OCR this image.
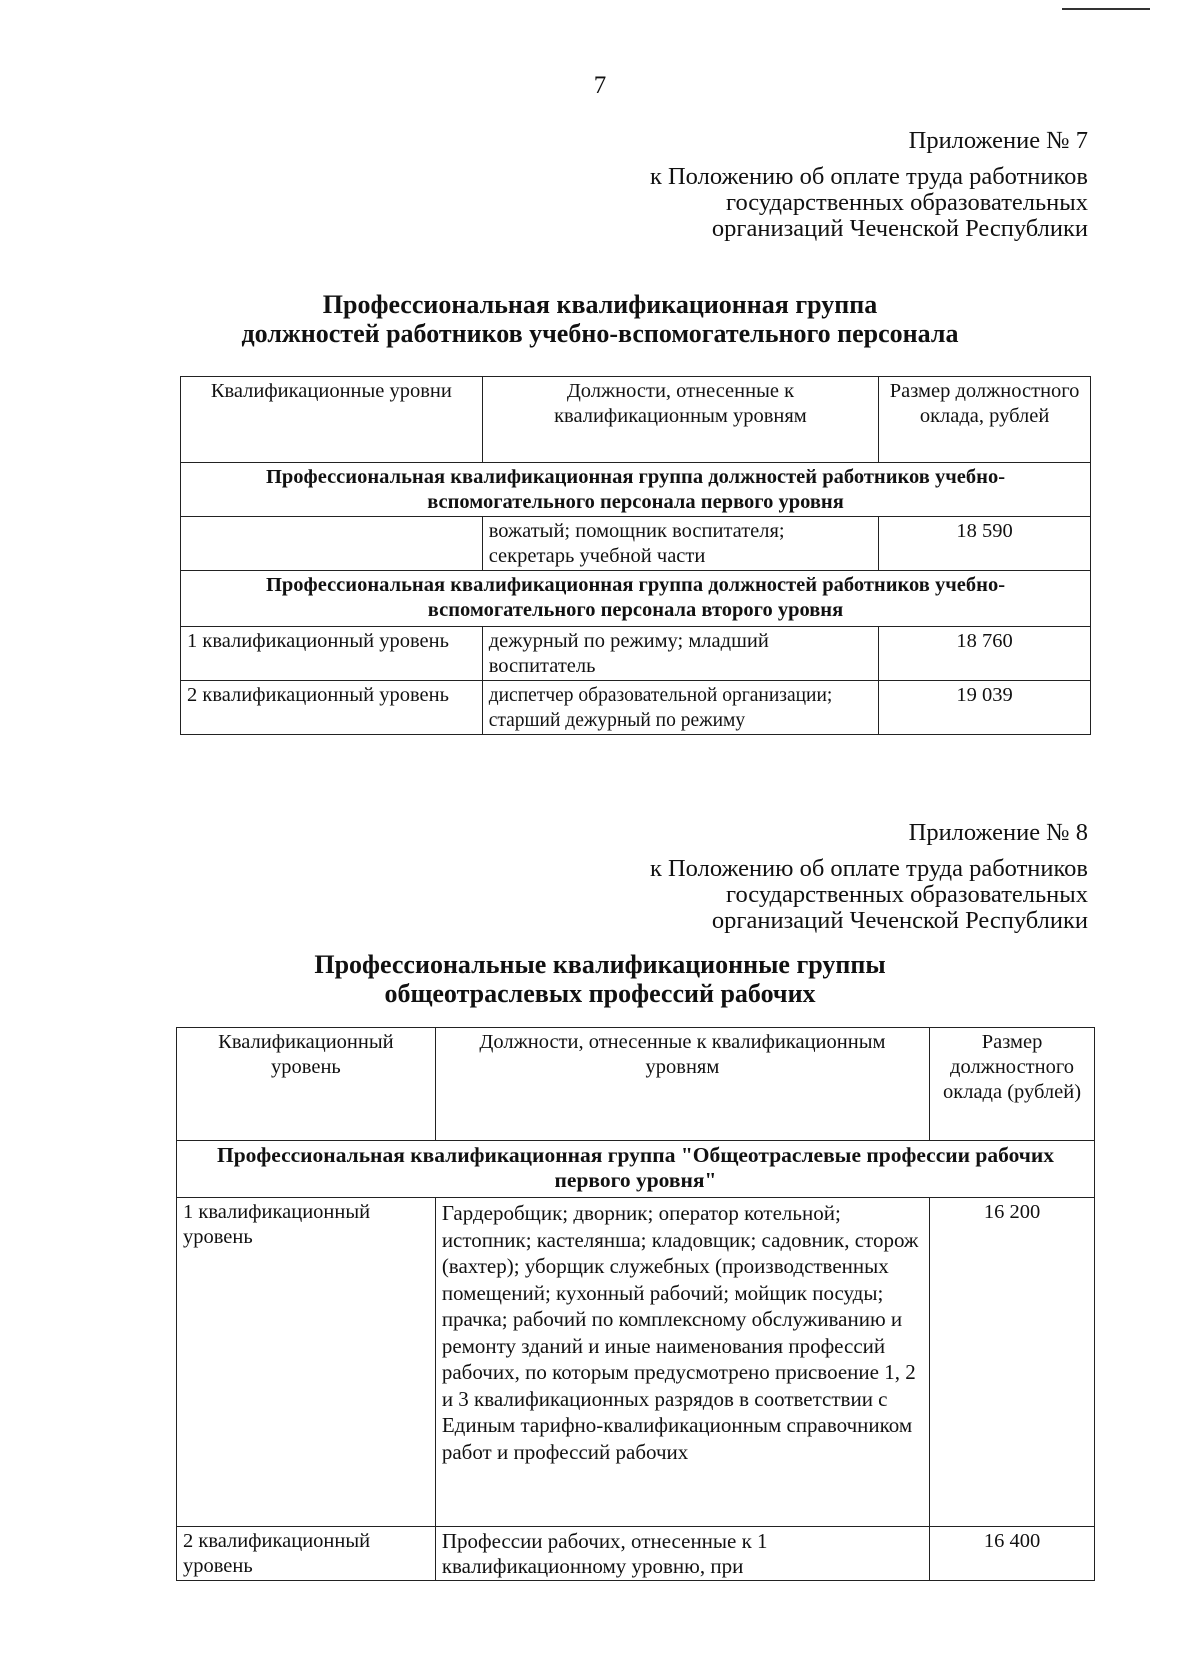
7
Приложение № 7
к Положению об оплате труда работников
государственных образовательных
организаций Чеченской Республики
Профессиональная квалификационная группа
должностей работников учебно-вспомогательного персонала
Квалификационные уровни	Должности, отнесенные к квалификационным уровням	Размер должностного оклада, рублей
Профессиональная квалификационная группа должностей работников учебно-вспомогательного персонала первого уровня		
	вожатый; помощник воспитателя; секретарь учебной части	18 590
Профессиональная квалификационная группа должностей работников учебно-вспомогательного персонала второго уровня		
1 квалификационный уровень	дежурный по режиму; младший воспитатель	18 760
2 квалификационный уровень	диспетчер образовательной организации; старший дежурный по режиму	19 039
Приложение № 8
к Положению об оплате труда работников
государственных образовательных
организаций Чеченской Республики
Профессиональные квалификационные группы
общеотраслевых профессий рабочих
Квалификационный уровень	Должности, отнесенные к квалификационным уровням	Размер должностного оклада (рублей)
Профессиональная квалификационная группа "Общеотраслевые профессии рабочих первого уровня"		
1 квалификационный уровень	Гардеробщик; дворник; оператор котельной; истопник; кастелянша; кладовщик; садовник, сторож (вахтер); уборщик служебных (производственных помещений; кухонный рабочий; мойщик посуды; прачка; рабочий по комплексному обслуживанию и ремонту зданий и иные наименования профессий рабочих, по которым предусмотрено присвоение 1, 2 и 3 квалификационных разрядов в соответствии с Единым тарифно-квалификационным справочником работ и профессий рабочих	16 200
2 квалификационный уровень	Профессии рабочих, отнесенные к 1 квалификационному уровню, при	16 400
